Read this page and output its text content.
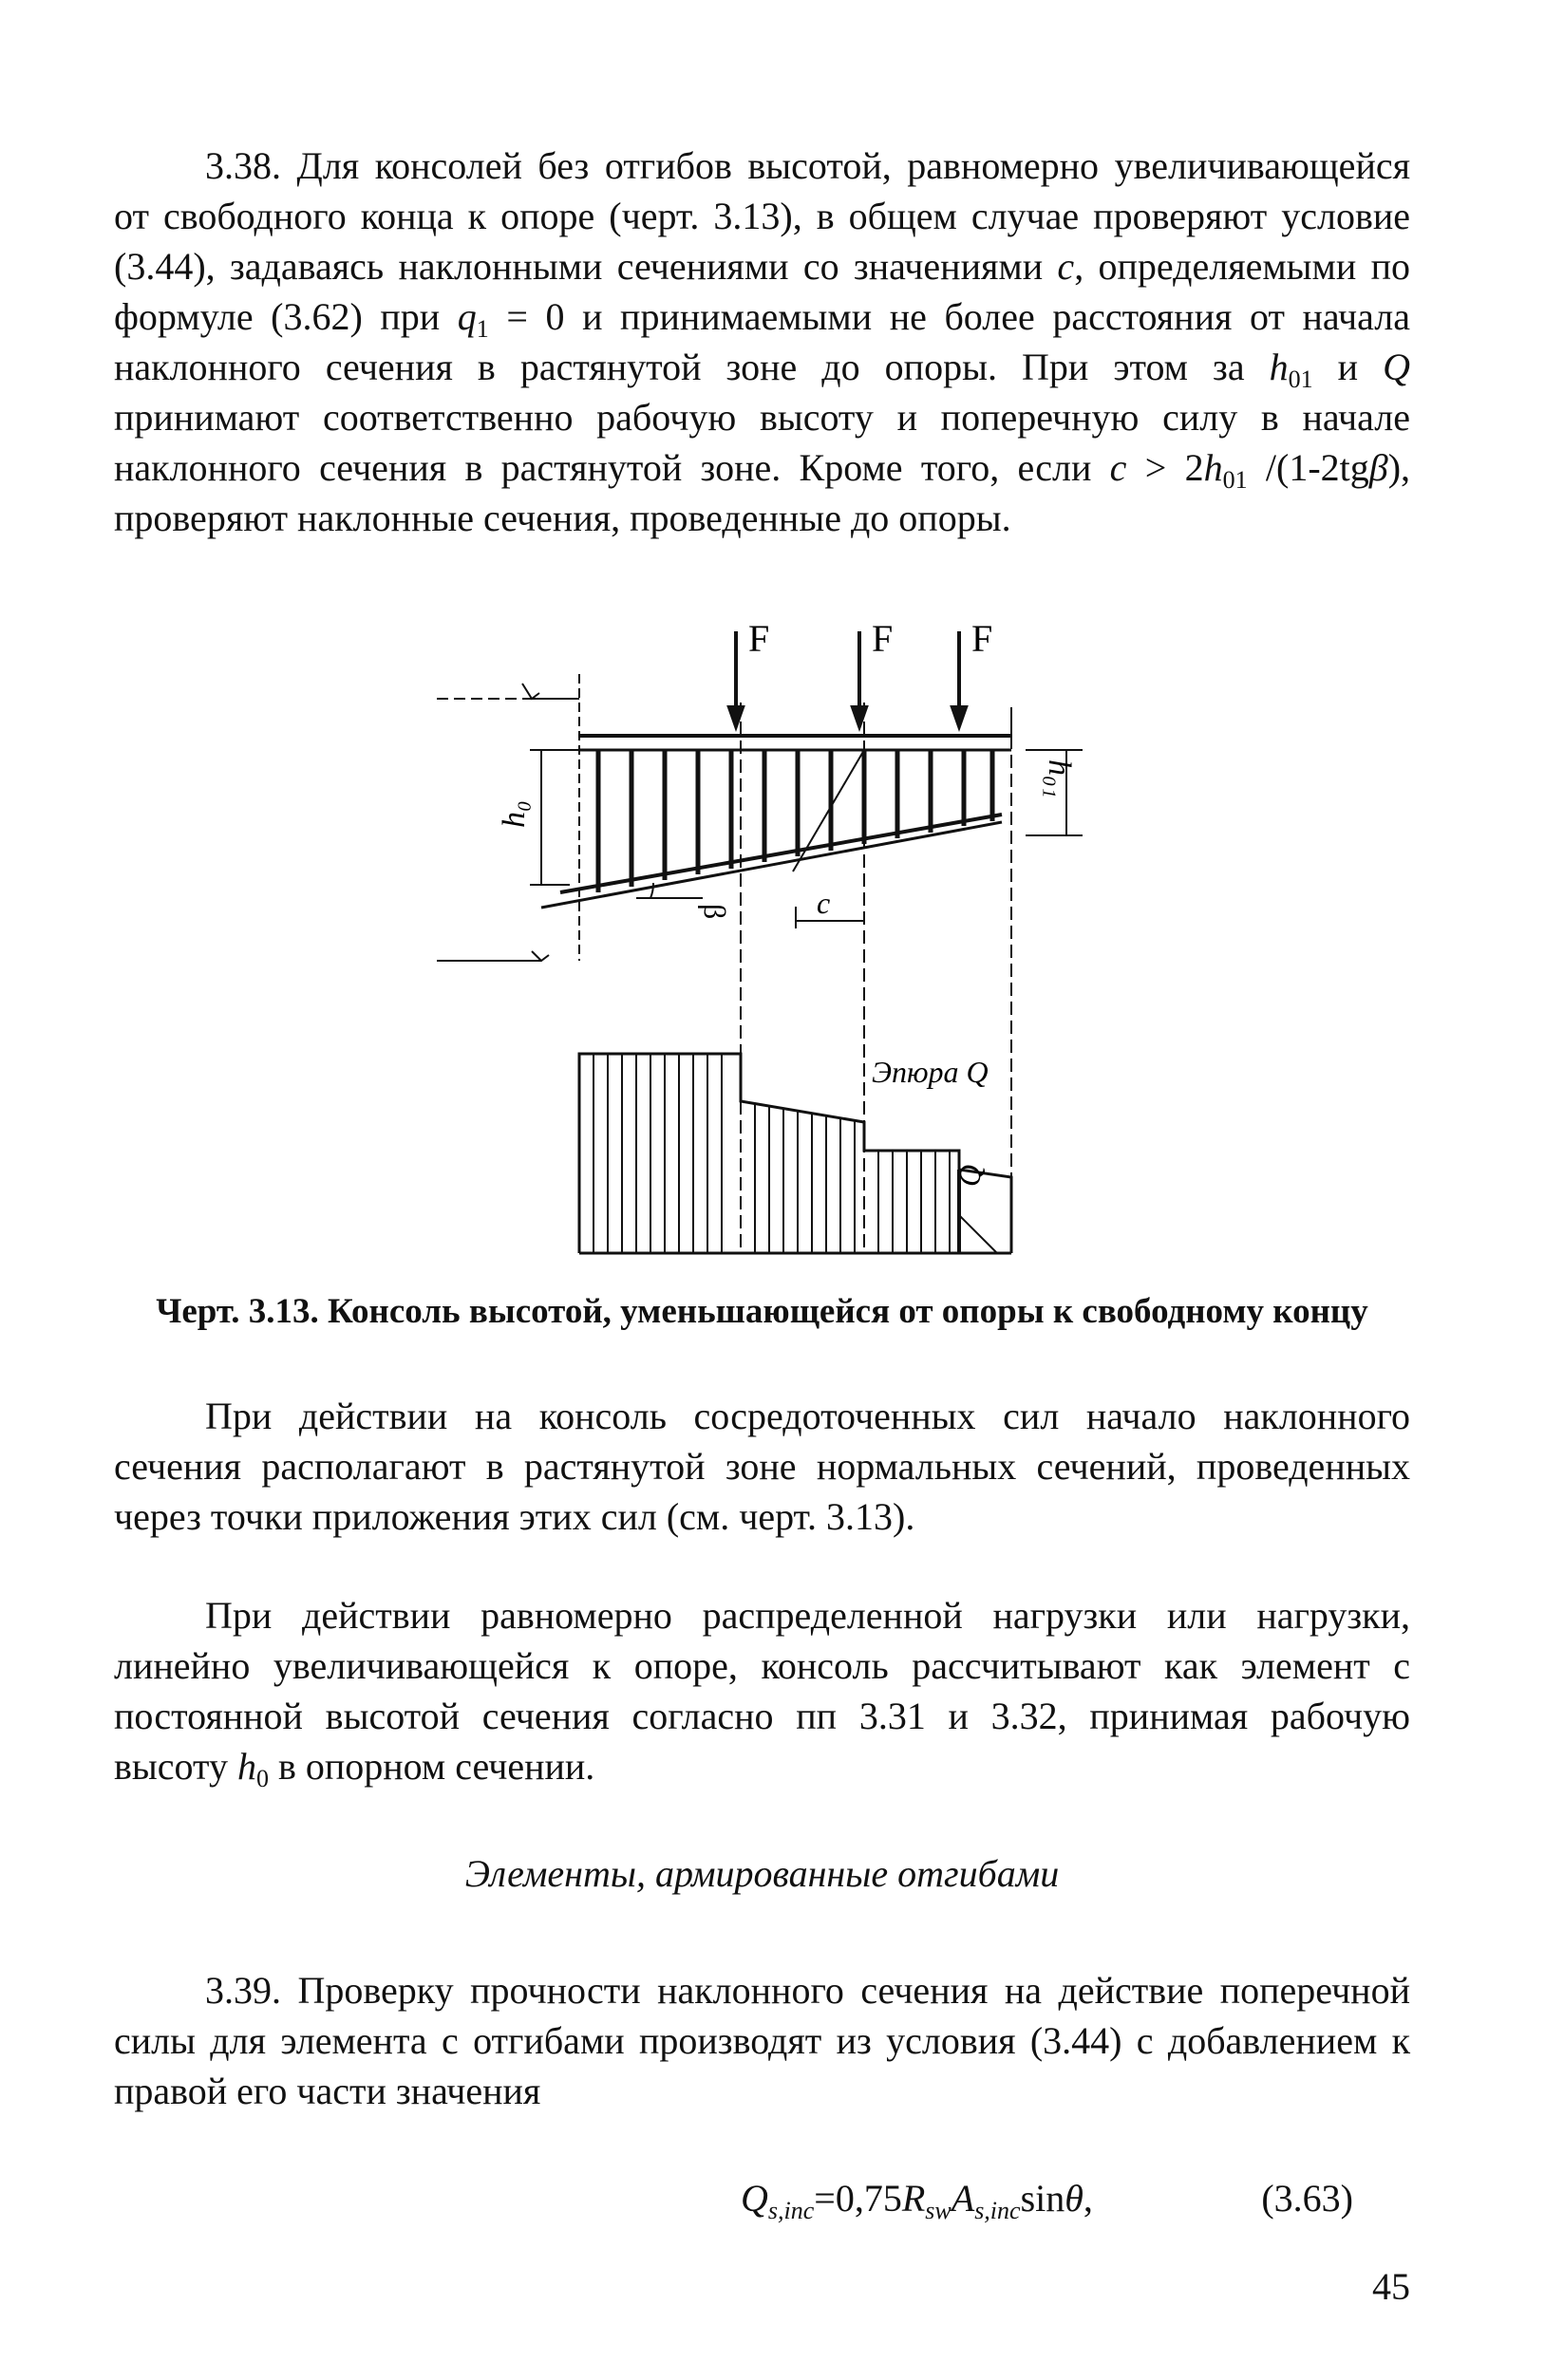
3.38. Для консолей без отгибов высотой, равномерно увеличивающейся от свободного конца к опоре (черт. 3.13), в общем случае проверяют условие (3.44), задаваясь наклонными сечениями со значениями c, определяемыми по формуле (3.62) при $q_1 = 0$ и принимаемыми не более расстояния от начала наклонного сечения в растянутой зоне до опоры. При этом за $h_{01}$ и Q принимают соответственно рабочую высоту и поперечную силу в начале наклонного сечения в растянутой зоне. Кроме того, если $c > 2h_{01}$ /(1-2tgβ), проверяют наклонные сечения, проведенные до опоры.

F	F F
h₀
h₀₁
β	c
Эпюра Q
Q
Черт. 3.13. Консоль высотой, уменьшающейся от опоры к свободному концу

При действии на консоль сосредоточенных сил начало наклонного сечения располагают в растянутой зоне нормальных сечений, проведенных через точки приложения этих сил (см. черт. 3.13).

При действии равномерно распределенной нагрузки или нагрузки, линейно увеличивающейся к опоре, консоль рассчитывают как элемент с постоянной высотой сечения согласно пп 3.31 и 3.32, принимая рабочую высоту $h_0$ в опорном сечении.

Элементы, армированные отгибами

3.39. Проверку прочности наклонного сечения на действие поперечной силы для элемента с отгибами производят из условия (3.44) с добавлением к правой его части значения

$Q_{s,inc}=0,75R_{sw}A_{s,inc}\sin\theta$,	(3.63)
45
